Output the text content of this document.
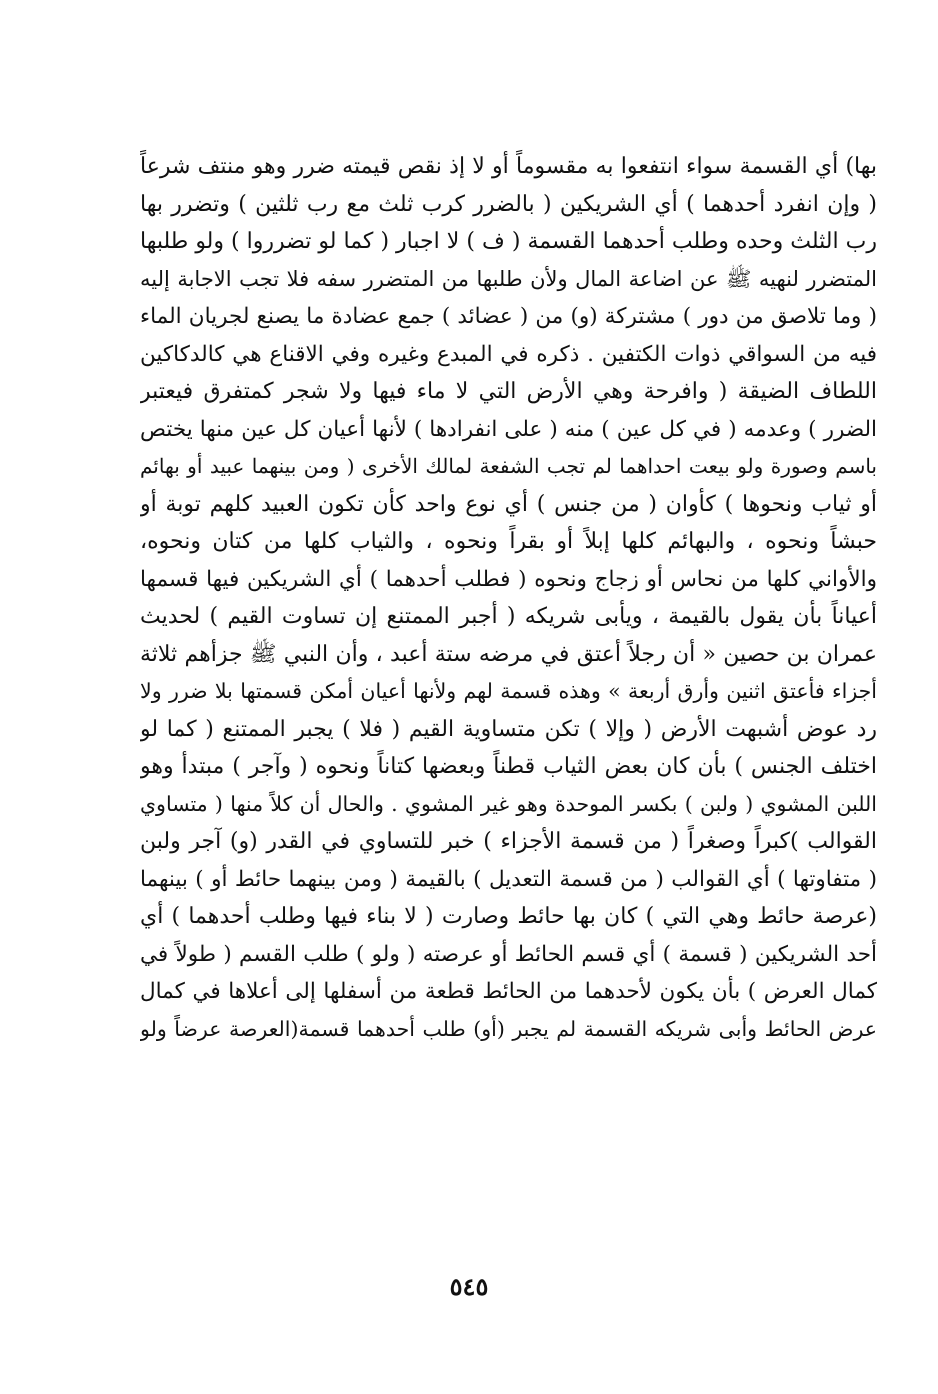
بها) أي القسمة سواء انتفعوا به مقسوماً أو لا إذ نقص قيمته ضرر وهو منتف شرعاً
( وإن انفرد أحدهما ) أي الشريكين ( بالضرر كرب ثلث مع رب ثلثين ) وتضرر بها
رب الثلث وحده وطلب أحدهما القسمة ( ف ) لا اجبار ( كما لو تضرروا ) ولو طلبها
المتضرر لنهيه ﷺ عن اضاعة المال ولأن طلبها من المتضرر سفه فلا تجب الاجابة إليه
( وما تلاصق من دور ) مشتركة (و) من ( عضائد ) جمع عضادة ما يصنع لجريان الماء
فيه من السواقي ذوات الكتفين . ذكره في المبدع وغيره وفي الاقناع هي كالدكاكين
اللطاف الضيقة ( وافرحة وهي الأرض التي لا ماء فيها ولا شجر كمتفرق فيعتبر
الضرر ) وعدمه ( في كل عين ) منه ( على انفرادها ) لأنها أعيان كل عين منها يختص
باسم وصورة ولو بيعت احداهما لم تجب الشفعة لمالك الأخرى ( ومن بينهما عبيد أو بهائم
أو ثياب ونحوها ) كأوان ( من جنس ) أي نوع واحد كأن تكون العبيد كلهم توبة أو
حبشاً ونحوه ، والبهائم كلها إبلاً أو بقراً ونحوه ، والثياب كلها من كتان ونحوه،
والأواني كلها من نحاس أو زجاج ونحوه ( فطلب أحدهما ) أي الشريكين فيها قسمها
أعياناً بأن يقول بالقيمة ، ويأبى شريكه ( أجبر الممتنع إن تساوت القيم ) لحديث
عمران بن حصين « أن رجلاً أعتق في مرضه ستة أعبد ، وأن النبي ﷺ جزأهم ثلاثة
أجزاء فأعتق اثنين وأرق أربعة » وهذه قسمة لهم ولأنها أعيان أمكن قسمتها بلا ضرر ولا
رد عوض أشبهت الأرض ( وإلا ) تكن متساوية القيم ( فلا ) يجبر الممتنع ( كما لو
اختلف الجنس ) بأن كان بعض الثياب قطناً وبعضها كتاناً ونحوه ( وآجر ) مبتدأ وهو
اللبن المشوي ( ولبن ) بكسر الموحدة وهو غير المشوي . والحال أن كلاً منها ( متساوي
القوالب )كبراً وصغراً ( من قسمة الأجزاء ) خبر للتساوي في القدر (و) آجر ولبن
( متفاوتها ) أي القوالب ( من قسمة التعديل ) بالقيمة ( ومن بينهما حائط أو ) بينهما
(عرصة حائط وهي التي ) كان بها حائط وصارت ( لا بناء فيها وطلب أحدهما ) أي
أحد الشريكين ( قسمة ) أي قسم الحائط أو عرصته ( ولو ) طلب القسم ( طولاً في
كمال العرض ) بأن يكون لأحدهما من الحائط قطعة من أسفلها إلى أعلاها في كمال
عرض الحائط وأبى شريكه القسمة لم يجبر (أو) طلب أحدهما قسمة(العرصة عرضاً ولو
٥٤٥
